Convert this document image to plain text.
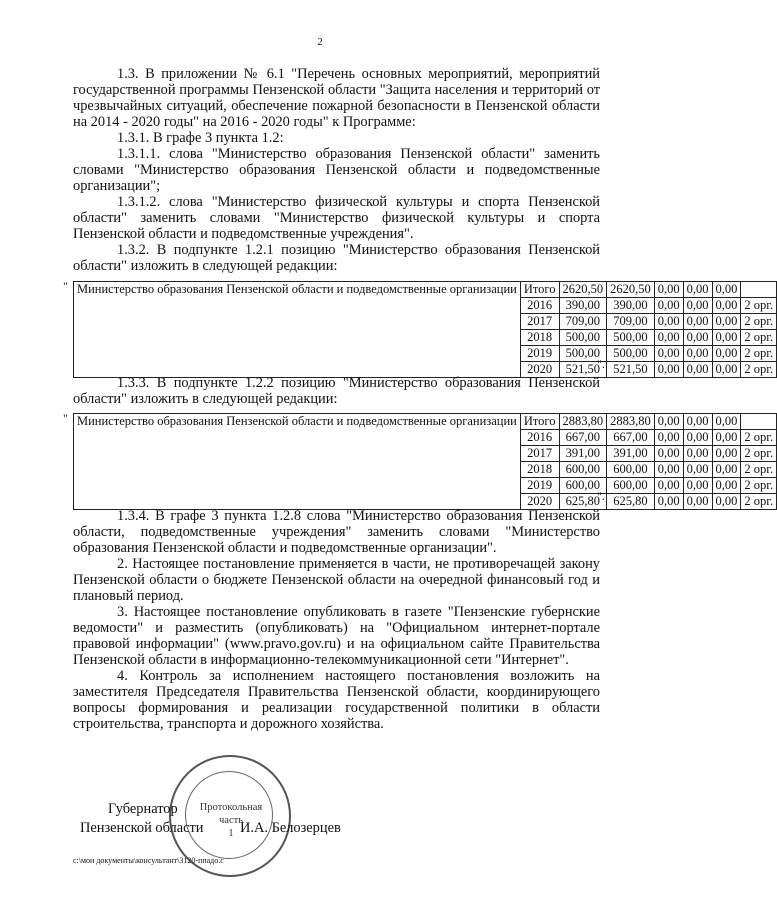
2

1.3. В приложении № 6.1 "Перечень основных мероприятий, мероприятий государственной программы Пензенской области "Защита населения и территорий от чрезвычайных ситуаций, обеспечение пожарной безопасности в Пензенской области на 2014 - 2020 годы" на 2016 - 2020 годы" к Программе:

1.3.1. В графе 3 пункта 1.2:

1.3.1.1. слова "Министерство образования Пензенской области" заменить словами "Министерство образования Пензенской области и подведомственные организации";

1.3.1.2. слова "Министерство физической культуры и спорта Пензенской области" заменить словами "Министерство физической культуры и спорта Пензенской области и подведомственные учреждения".

1.3.2. В подпункте 1.2.1 позицию "Министерство образования Пензенской области" изложить в следующей редакции:

" Министерство образования Пензенской области и подведомственные организации	Итого	2620,50	2620,50	0,00	0,00	0,00	
	2016	390,00	390,00	0,00	0,00	0,00	2 орг.
	2017	709,00	709,00	0,00	0,00	0,00	2 орг.
	2018	500,00	500,00	0,00	0,00	0,00	2 орг.
	2019	500,00	500,00	0,00	0,00	0,00	2 орг.
	2020	521,50	521,50	0,00	0,00	0,00	2 орг.
".

1.3.3. В подпункте 1.2.2 позицию "Министерство образования Пензенской области" изложить в следующей редакции:

" Министерство образования Пензенской области и подведомственные организации	Итого	2883,80	2883,80	0,00	0,00	0,00	
	2016	667,00	667,00	0,00	0,00	0,00	2 орг.
	2017	391,00	391,00	0,00	0,00	0,00	2 орг.
	2018	600,00	600,00	0,00	0,00	0,00	2 орг.
	2019	600,00	600,00	0,00	0,00	0,00	2 орг.
	2020	625,80	625,80	0,00	0,00	0,00	2 орг.
".

1.3.4. В графе 3 пункта 1.2.8 слова "Министерство образования Пензенской области, подведомственные учреждения" заменить словами "Министерство образования Пензенской области и подведомственные организации".

2. Настоящее постановление применяется в части, не противоречащей закону Пензенской области о бюджете Пензенской области на очередной финансовый год и плановый период.

3. Настоящее постановление опубликовать в газете "Пензенские губернские ведомости" и разместить (опубликовать) на "Официальном интернет-портале правовой информации" (www.pravo.gov.ru) и на официальном сайте Правительства Пензенской области в информационно-телекоммуникационной сети "Интернет".

4. Контроль за исполнением настоящего постановления возложить на заместителя Председателя Правительства Пензенской области, координирующего вопросы формирования и реализации государственной политики в области строительства, транспорта и дорожного хозяйства.

Протокольная часть
1
Губернатор
Пензенской области	И.А. Белозерцев
c:\мои документы\консультант\3120-ппадо.c
